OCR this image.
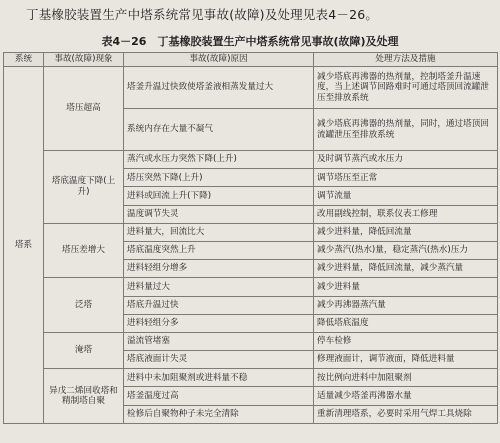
丁基橡胶装置生产中塔系统常见事故(故障)及处理见表4－26。
表4－26　丁基橡胶装置生产中塔系统常见事故(故障)及处理
系统	事故(故障)现象	事故(故障)原因	处理方法及措施
塔系	塔压超高	塔釜升温过快致使塔釜液相蒸发量过大	减少塔底再沸器的热剂量，控制塔釜升温速度，当上述调节回路难时可通过塔顶回流罐泄压至排放系统
		系统内存在大量不凝气	减少塔底再沸器的热剂量，同时，通过塔顶回流罐泄压至排放系统
	塔底温度下降(上升)	蒸汽或水压力突然下降(上升)	及时调节蒸汽或水压力
		塔压突然下降(上升)	调节塔压至正常
		进料或回流上升(下降)	调节流量
		温度调节失灵	改用副线控制，联系仪表工修理
	塔压差增大	进料量大，回流比大	减少进料量，降低回流量
		塔底温度突然上升	减少蒸汽(热水)量，稳定蒸汽(热水)压力
		进料轻组分增多	减少进料量，降低回流量，减少蒸汽量
	泛塔	进料量过大	减少进料量
		塔底升温过快	减少再沸器蒸汽量
		进料轻组分多	降低塔底温度
	淹塔	溢流管堵塞	停车检修
		塔底液面计失灵	修理液面计，调节液面，降低进料量
	异戊二烯回收塔和精制塔自聚	进料中未加阻聚剂或进料量不稳	按比例向进料中加阻聚剂
		塔釜温度过高	适量减少塔釜再沸器水量
		检修后自聚物种子未完全清除	重新清理塔系，必要时采用气焊工具烧除
